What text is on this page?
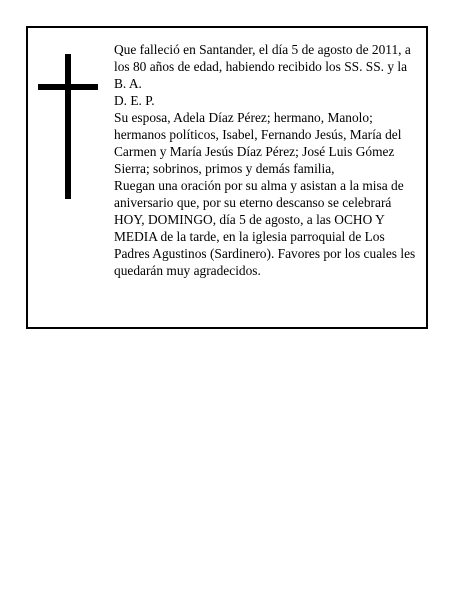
Que falleció en Santander, el día 5 de agosto de 2011, a los 80 años de edad, habiendo recibido los SS. SS. y la B. A.

D. E. P.

Su esposa, Adela Díaz Pérez; hermano, Manolo; hermanos políticos, Isabel, Fernando Jesús, María del Carmen y María Jesús Díaz Pérez; José Luis Gómez Sierra; sobrinos, primos y demás familia,

Ruegan una oración por su alma y asistan a la misa de aniversario que, por su eterno descanso se celebrará HOY, DOMINGO, día 5 de agosto, a las OCHO Y MEDIA de la tarde, en la iglesia parroquial de Los Padres Agustinos (Sardinero). Favores por los cuales les quedarán muy agradecidos.
